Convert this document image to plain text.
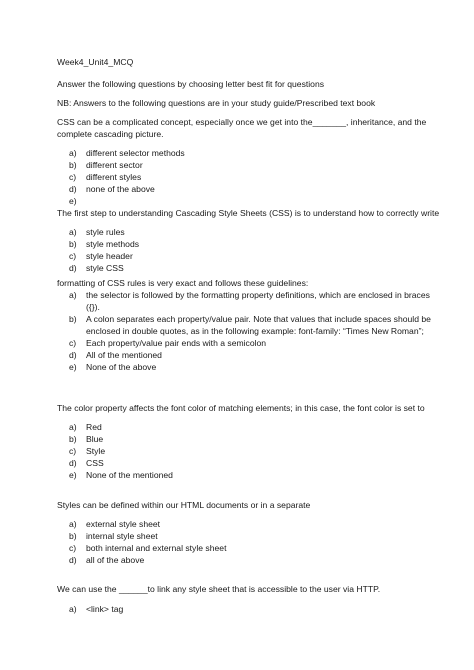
Week4_Unit4_MCQ
Answer the following questions by choosing letter best fit for questions
NB: Answers to the following questions are in your study guide/Prescribed text book
CSS can be a complicated concept, especially once we get into the_______, inheritance, and the
complete cascading picture.
a) different selector methods
b) different sector
c) different styles
d) none of the above
e)
The first step to understanding Cascading Style Sheets (CSS) is to understand how to correctly write
a) style rules
b) style methods
c) style header
d) style CSS
formatting of CSS rules is very exact and follows these guidelines:
a) the selector is followed by the formatting property definitions, which are enclosed in braces
({}).
b) A colon separates each property/value pair. Note that values that include spaces should be
enclosed in double quotes, as in the following example: font-family: “Times New Roman”;
c) Each property/value pair ends with a semicolon
d) All of the mentioned
e) None of the above
The color property affects the font color of matching elements; in this case, the font color is set to
a) Red
b) Blue
c) Style
d) CSS
e) None of the mentioned
Styles can be defined within our HTML documents or in a separate
a) external style sheet
b) internal style sheet
c) both internal and external style sheet
d) all of the above
We can use the ______to link any style sheet that is accessible to the user via HTTP.
a) <link> tag
